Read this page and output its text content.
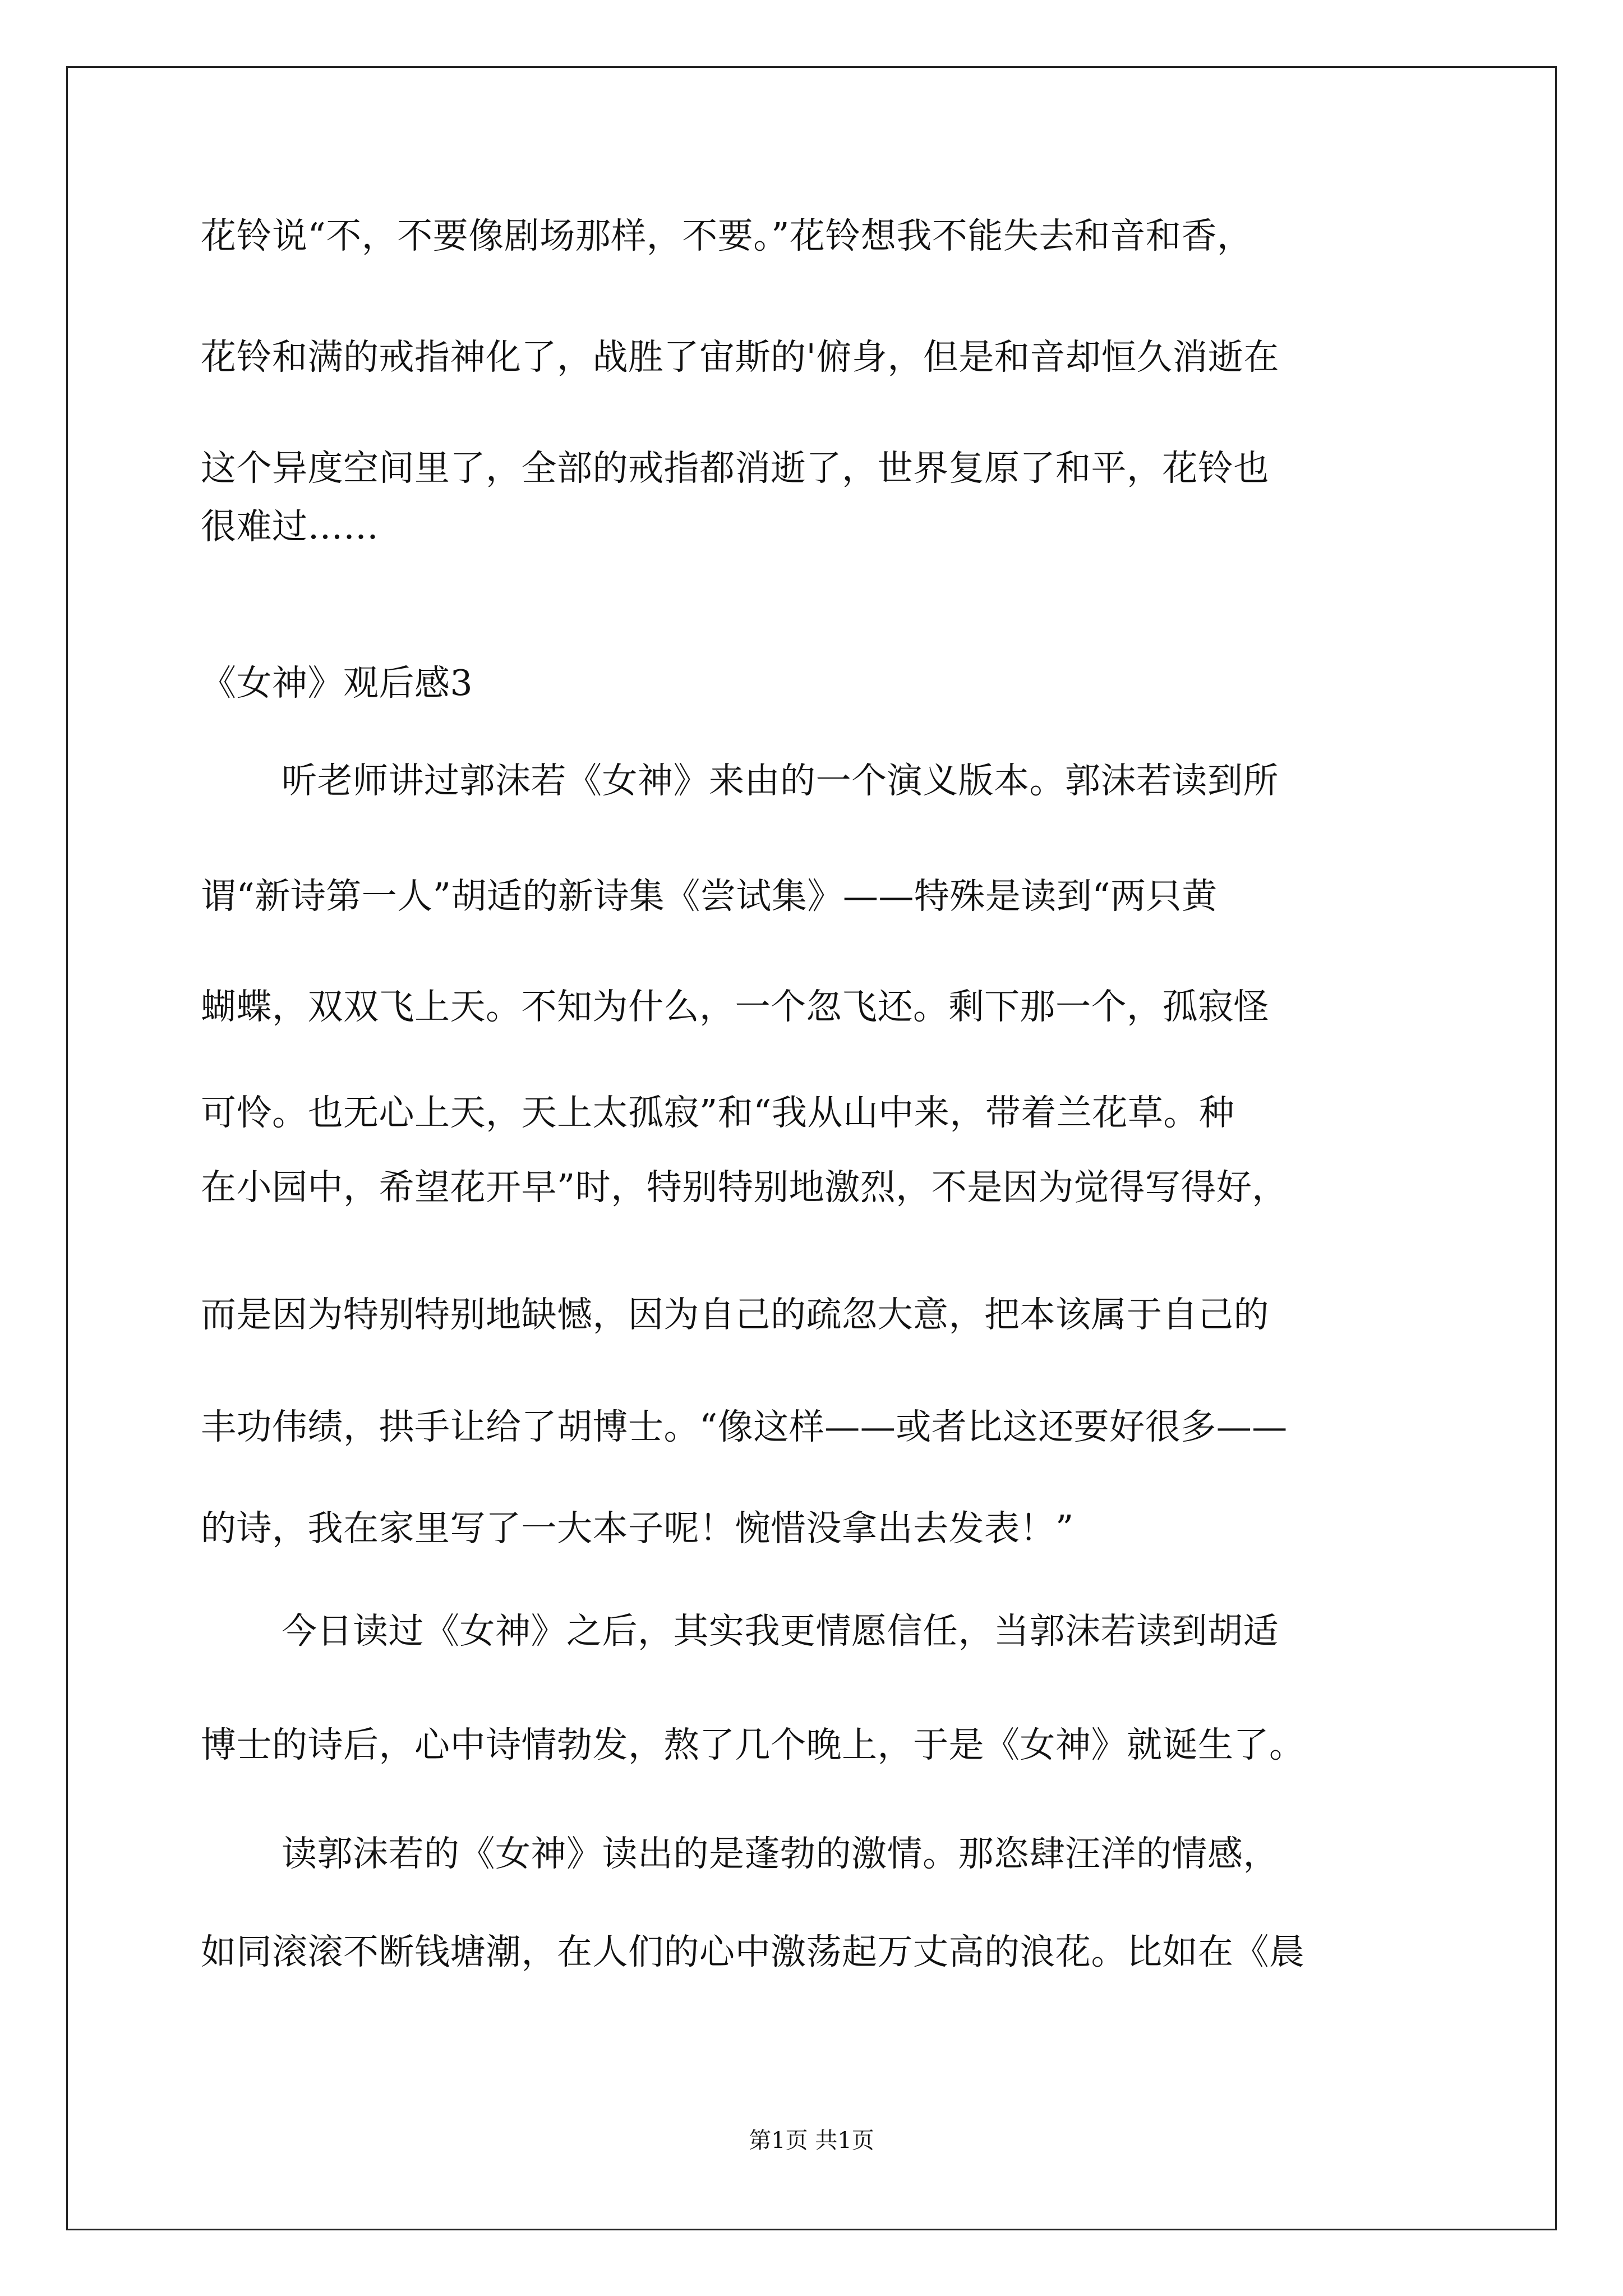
花铃说“不，不要像剧场那样，不要。”花铃想我不能失去和音和香，
花铃和满的戒指神化了，战胜了宙斯的'俯身，但是和音却恒久消逝在
这个异度空间里了，全部的戒指都消逝了，世界复原了和平，花铃也
很难过……
《女神》观后感3
听老师讲过郭沫若《女神》来由的一个演义版本。郭沫若读到所
谓“新诗第一人”胡适的新诗集《尝试集》——特殊是读到“两只黄
蝴蝶，双双飞上天。不知为什么，一个忽飞还。剩下那一个，孤寂怪
可怜。也无心上天，天上太孤寂”和“我从山中来，带着兰花草。种
在小园中，希望花开早”时，特别特别地激烈，不是因为觉得写得好，
而是因为特别特别地缺憾，因为自己的疏忽大意，把本该属于自己的
丰功伟绩，拱手让给了胡博士。“像这样——或者比这还要好很多——
的诗，我在家里写了一大本子呢！惋惜没拿出去发表！”
今日读过《女神》之后，其实我更情愿信任，当郭沫若读到胡适
博士的诗后，心中诗情勃发，熬了几个晚上，于是《女神》就诞生了。
读郭沫若的《女神》读出的是蓬勃的激情。那恣肆汪洋的情感，
如同滚滚不断钱塘潮，在人们的心中激荡起万丈高的浪花。比如在《晨
第1页 共1页
